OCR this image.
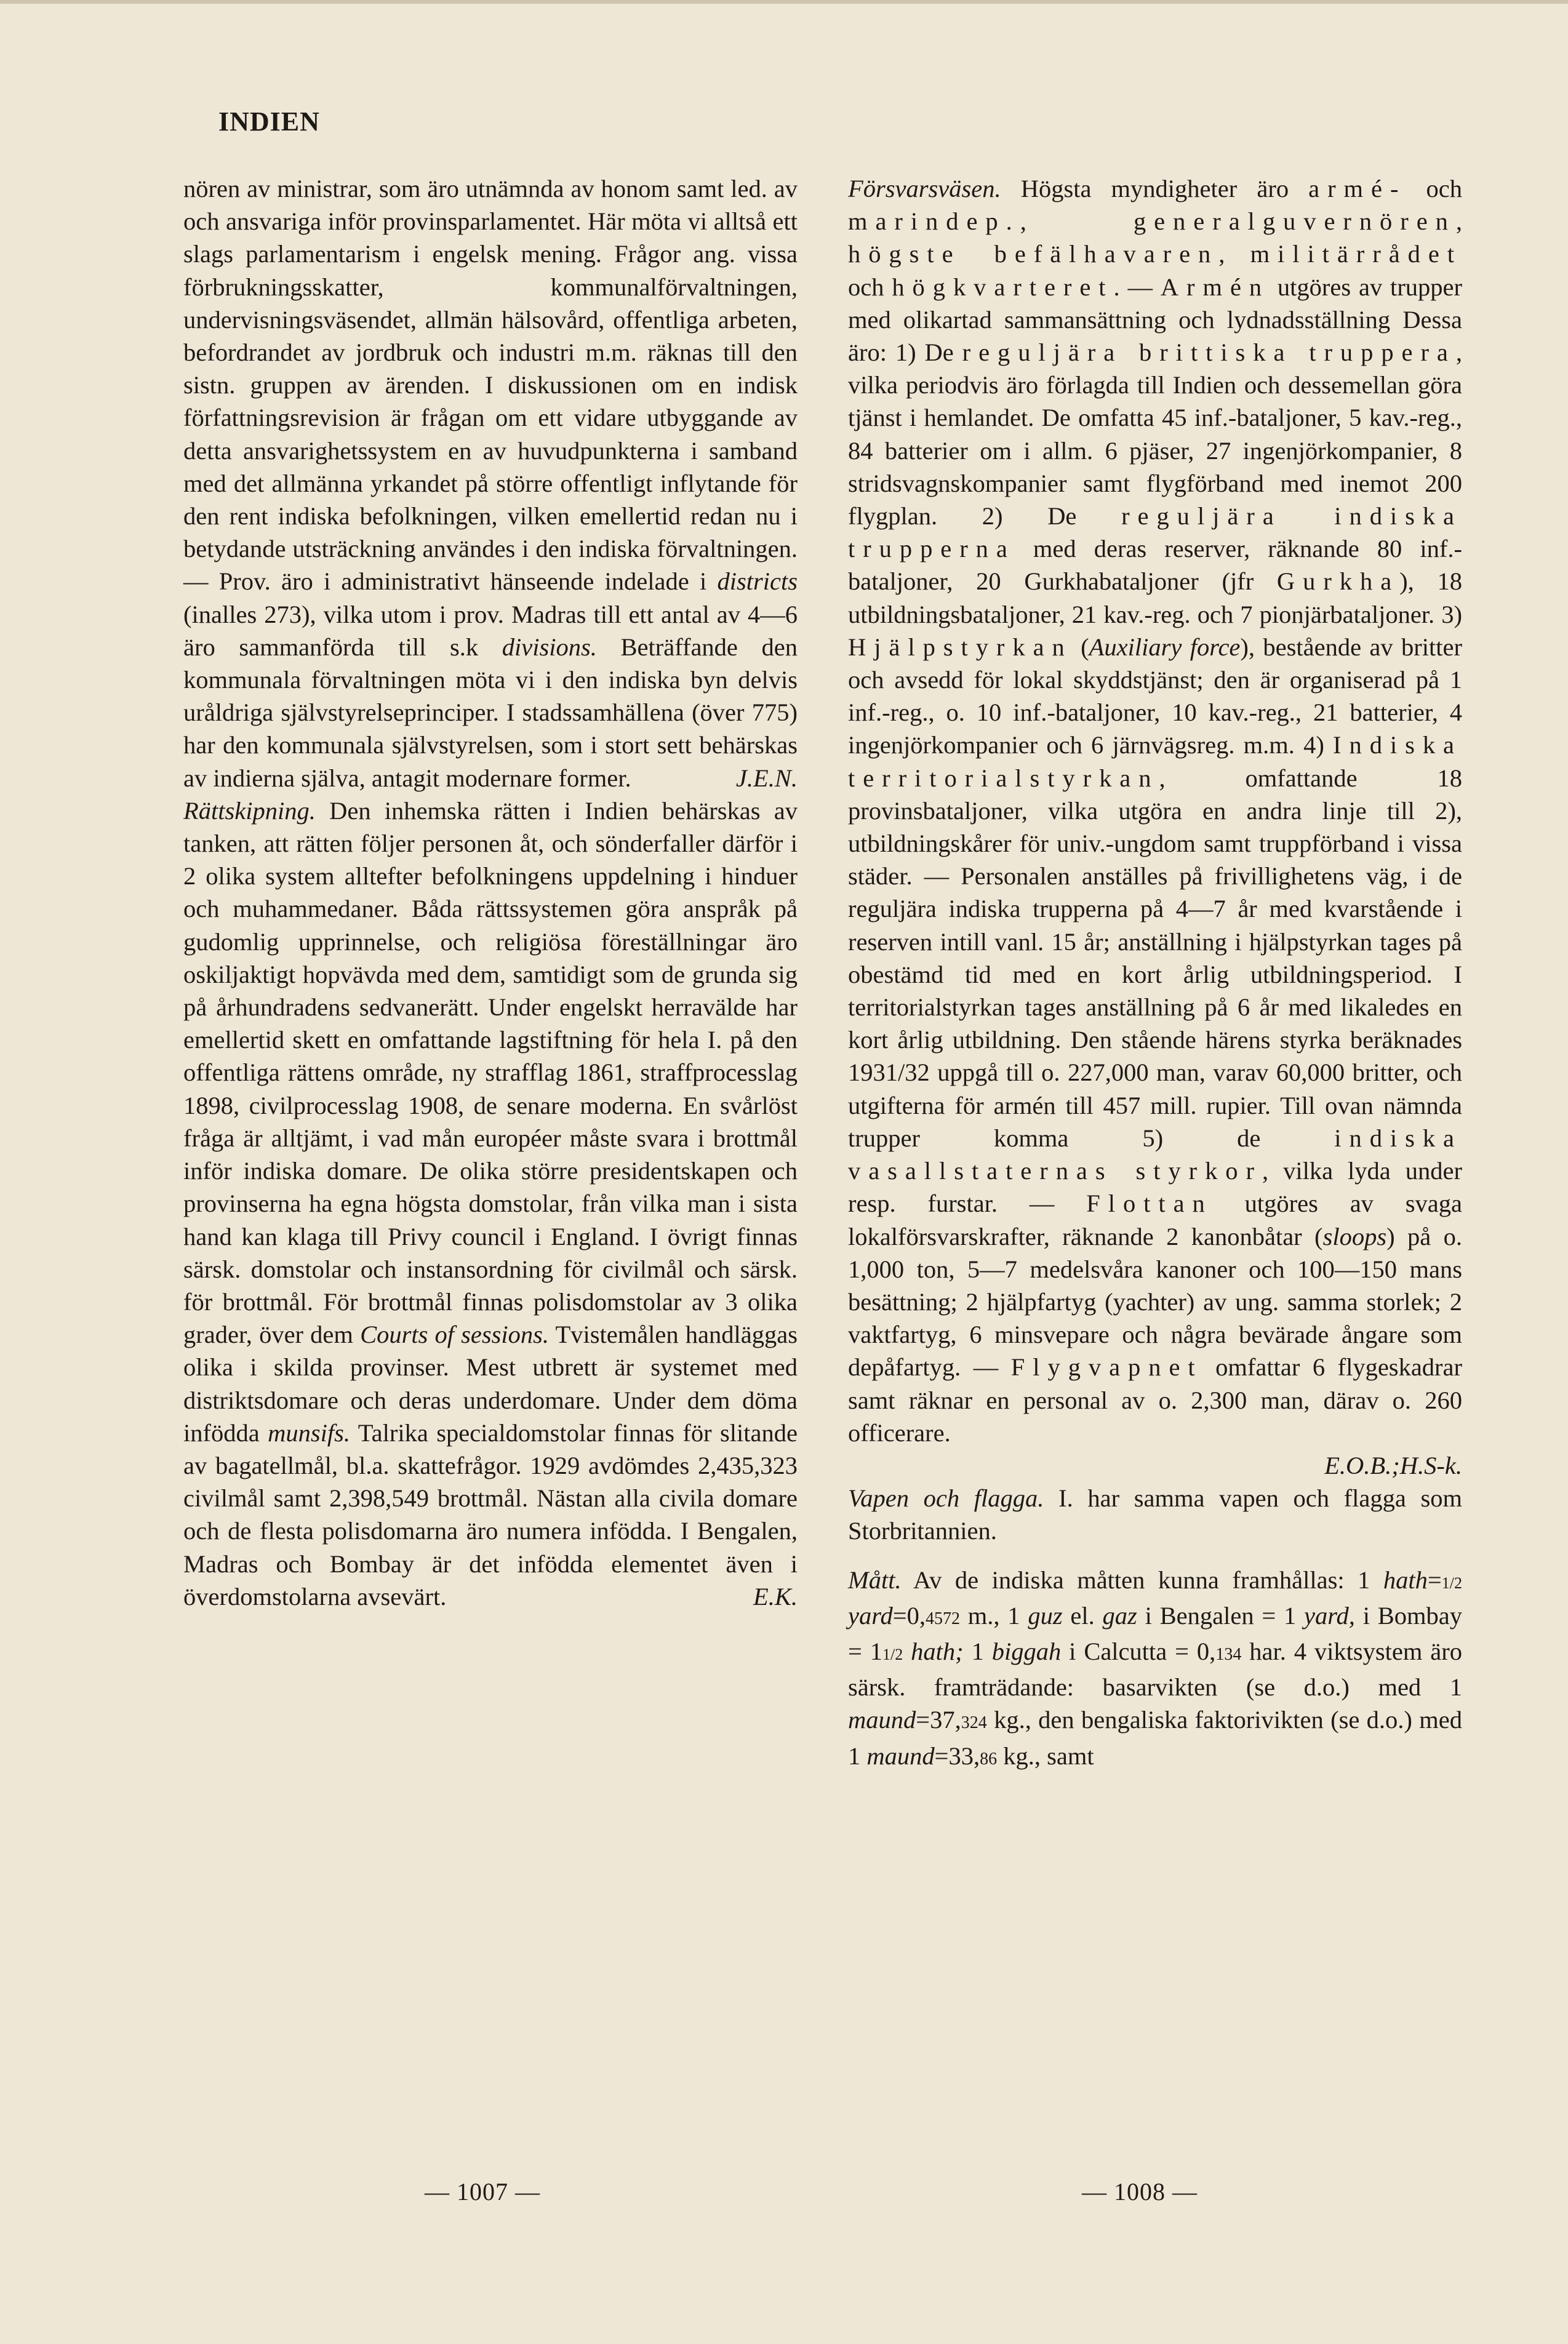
INDIEN

nören av ministrar, som äro utnämnda av honom samt led. av och ansvariga inför provinsparlamentet. Här möta vi alltså ett slags parlamentarism i engelsk mening. Frågor ang. vissa förbrukningsskatter, kommunalförvaltningen, undervisningsväsendet, allmän hälsovård, offentliga arbeten, befordrandet av jordbruk och industri m.m. räknas till den sistn. gruppen av ärenden. I diskussionen om en indisk författningsrevision är frågan om ett vidare utbyggande av detta ansvarighetssystem en av huvudpunkterna i samband med det allmänna yrkandet på större offentligt inflytande för den rent indiska befolkningen, vilken emellertid redan nu i betydande utsträckning användes i den indiska förvaltningen. — Prov. äro i administrativt hänseende indelade i districts (inalles 273), vilka utom i prov. Madras till ett antal av 4—6 äro sammanförda till s.k divisions. Beträffande den kommunala förvaltningen möta vi i den indiska byn delvis uråldriga självstyrelseprinciper. I stadssamhällena (över 775) har den kommunala självstyrelsen, som i stort sett behärskas av indierna själva, antagit modernare former.	J.E.N.

Rättskipning. Den inhemska rätten i Indien behärskas av tanken, att rätten följer personen åt, och sönderfaller därför i 2 olika system alltefter befolkningens uppdelning i hinduer och muhammedaner. Båda rättssystemen göra anspråk på gudomlig upprinnelse, och religiösa föreställningar äro oskiljaktigt hopvävda med dem, samtidigt som de grunda sig på århundradens sedvanerätt. Under engelskt herravälde har emellertid skett en omfattande lagstiftning för hela I. på den offentliga rättens område, ny strafflag 1861, straffprocesslag 1898, civilprocesslag 1908, de senare moderna. En svårlöst fråga är alltjämt, i vad mån européer måste svara i brottmål inför indiska domare. De olika större presidentskapen och provinserna ha egna högsta domstolar, från vilka man i sista hand kan klaga till Privy council i England. I övrigt finnas särsk. domstolar och instansordning för civilmål och särsk. för brottmål. För brottmål finnas polisdomstolar av 3 olika grader, över dem Courts of sessions. Tvistemålen handläggas olika i skilda provinser. Mest utbrett är systemet med distriktsdomare och deras underdomare. Under dem döma infödda munsifs. Talrika specialdomstolar finnas för slitande av bagatellmål, bl.a. skattefrågor. 1929 avdömdes 2,435,323 civilmål samt 2,398,549 brottmål. Nästan alla civila domare och de flesta polisdomarna äro numera infödda. I Bengalen, Madras och Bombay är det infödda elementet även i överdomstolarna avsevärt.	E.K.

Försvarsväsen. Högsta myndigheter äro armé- och marindep., generalguvernören, högste befälhavaren, militärrådet och högkvarteret. — Armén utgöres av trupper med olikartad sammansättning och lydnadsställning Dessa äro: 1) De reguljära brittiska truppera, vilka periodvis äro förlagda till Indien och dessemellan göra tjänst i hemlandet. De omfatta 45 inf.-bataljoner, 5 kav.-reg., 84 batterier om i allm. 6 pjäser, 27 ingenjörkompanier, 8 stridsvagnskompanier samt flygförband med inemot 200 flygplan. 2) De reguljära indiska trupperna med deras reserver, räknande 80 inf.-bataljoner, 20 Gurkhabataljoner (jfr Gurkha), 18 utbildningsbataljoner, 21 kav.-reg. och 7 pionjärbataljoner. 3) Hjälpstyrkan (Auxiliary force), bestående av britter och avsedd för lokal skyddstjänst; den är organiserad på 1 inf.-reg., o. 10 inf.-bataljoner, 10 kav.-reg., 21 batterier, 4 ingenjörkompanier och 6 järnvägsreg. m.m. 4) Indiska territorialstyrkan, omfattande 18 provinsbataljoner, vilka utgöra en andra linje till 2), utbildningskårer för univ.-ungdom samt truppförband i vissa städer. — Personalen anställes på frivillighetens väg, i de reguljära indiska trupperna på 4—7 år med kvarstående i reserven intill vanl. 15 år; anställning i hjälpstyrkan tages på obestämd tid med en kort årlig utbildningsperiod. I territorialstyrkan tages anställning på 6 år med likaledes en kort årlig utbildning. Den stående härens styrka beräknades 1931/32 uppgå till o. 227,000 man, varav 60,000 britter, och utgifterna för armén till 457 mill. rupier. Till ovan nämnda trupper komma 5) de indiska vasallstaternas styrkor, vilka lyda under resp. furstar. — Flottan utgöres av svaga lokalförsvarskrafter, räknande 2 kanonbåtar (sloops) på o. 1,000 ton, 5—7 medelsvåra kanoner och 100—150 mans besättning; 2 hjälpfartyg (yachter) av ung. samma storlek; 2 vaktfartyg, 6 minsvepare och några bevärade ångare som depåfartyg. — Flygvapnet omfattar 6 flygeskadrar samt räknar en personal av o. 2,300 man, därav o. 260 officerare.
E.O.B.;H.S-k.

Vapen och flagga. I. har samma vapen och flagga som Storbritannien.

Mått. Av de indiska måtten kunna framhållas: 1 hath=1/2 yard=0,4572 m., 1 guz el. gaz i Bengalen = 1 yard, i Bombay = 11/2 hath; 1 biggah i Calcutta = 0,134 har. 4 viktsystem äro särsk. framträdande: basarvikten (se d.o.) med 1 maund=37,324 kg., den bengaliska faktorivikten (se d.o.) med 1 maund=33,86 kg., samt

— 1007 —	— 1008 —
